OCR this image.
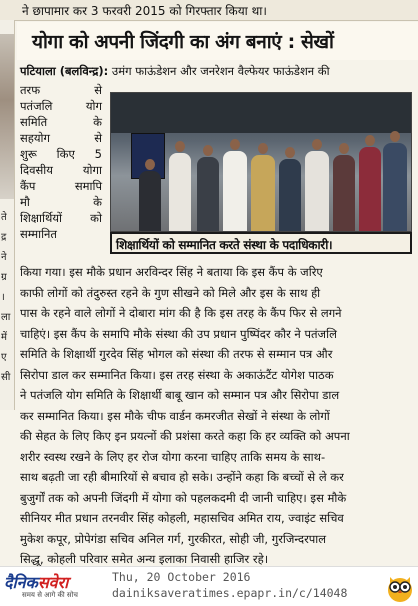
ने छापामार कर 3 फरवरी 2015 को गिरफ्तार किया था।
ते
द्र
ने
ग्र
।
ला
में
ए
सी
योगा को अपनी जिंदगी का अंग बनाएं : सेखों
पटियाला (बलविन्द्र): उमंग फाऊंडेशन और जनरेशन वैल्फेयर फाऊंडेशन की
तरफ से
पतंजलि योग
समिति के
सहयोग से
शुरू किए 5
दिवसीय योगा
कैंप समापि
मौ के
शिक्षार्थियों को
सम्मानित
शिक्षार्थियों को सम्मानित करते संस्था के पदाधिकारी।
किया गया। इस मौके प्रधान अरविन्दर सिंह ने बताया कि इस कैंप के जरिए
काफी लोगों को तंदुरुस्त रहने के गुण सीखने को मिले और इस के साथ ही
पास के रहने वाले लोगों ने दोबारा मांग की है कि इस तरह के कैंप फिर से लगने
चाहिएं। इस कैंप के समापि मौके संस्था की उप प्रधान पुष्पिंदर कौर ने पतंजलि
समिति के शिक्षार्थी गुरदेव सिंह भोगल को संस्था की तरफ से सम्मान पत्र और
सिरोपा डाल कर सम्मानित किया। इस तरह संस्था के अकाऊंटैंट योगेश पाठक
ने पतंजलि योग समिति के शिक्षार्थी बाबू खान को सम्मान पत्र और सिरोपा डाल
कर सम्मानित किया। इस मौके चीफ वार्डन कमरजीत सेखों ने संस्था के लोगों
की सेहत के लिए किए इन प्रयत्नों की प्रशंसा करते कहा कि हर व्यक्ति को अपना
शरीर स्वस्थ रखने के लिए हर रोज योगा करना चाहिए ताकि समय के साथ-
साथ बढ़ती जा रही बीमारियों से बचाव हो सके। उन्होंने कहा कि बच्चों से ले कर
बुजुर्गों तक को अपनी जिंदगी में योगा को पहलकदमी दी जानी चाहिए। इस मौके
सीनियर मीत प्रधान तरनवीर सिंह कोहली, महासचिव अमित राय, ज्वाइंट सचिव
मुकेश कपूर, प्रोपेगंडा सचिव अनिल गर्ग, गुरकीरत, सोही जी, गुरजिन्दरपाल
सिद्धू, कोहली परिवार समेत अन्य इलाका निवासी हाजिर रहे।
दैनिकसवेरा
समय से आगे की सोच
Thu, 20 October 2016
dainiksaveratimes.epapr.in/c/14048
